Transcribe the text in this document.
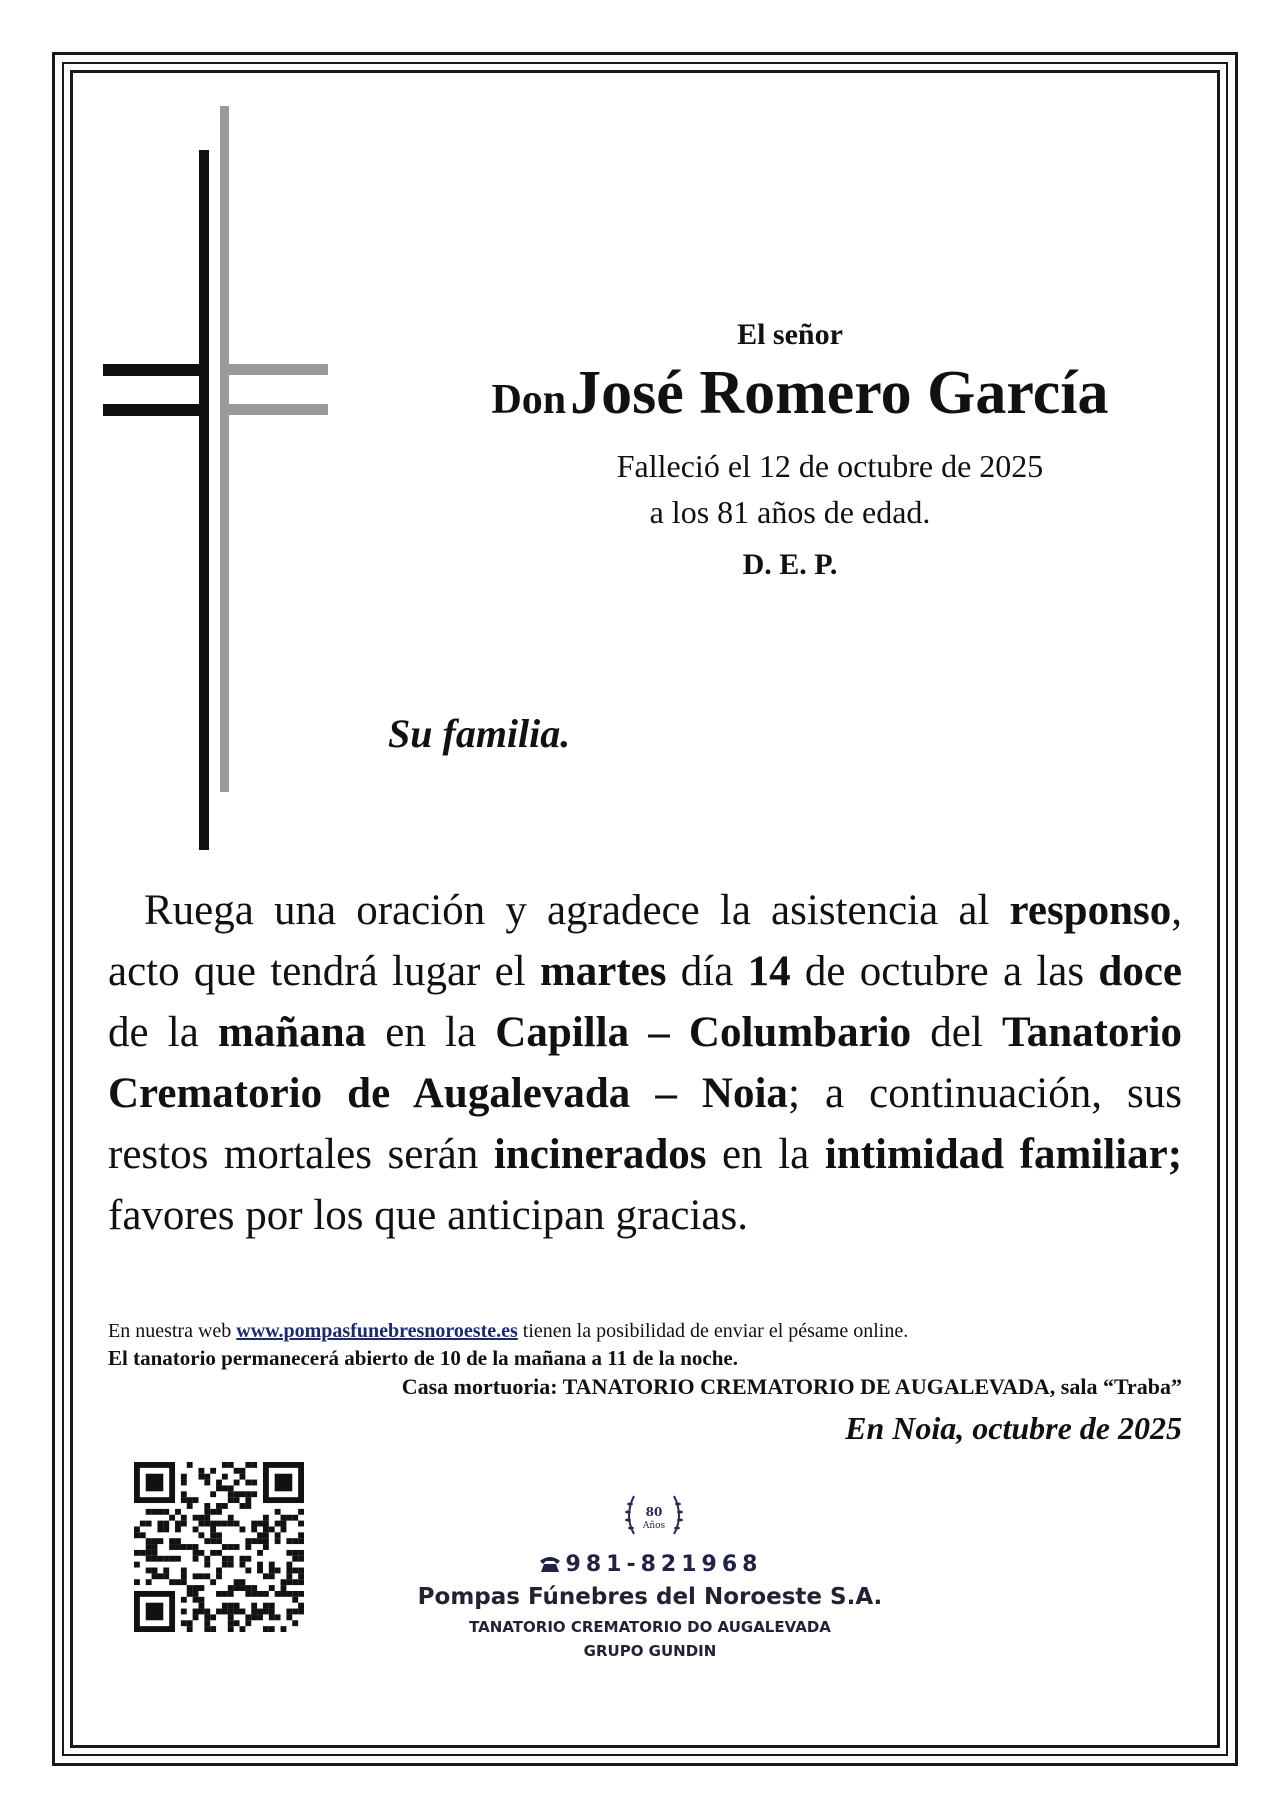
El señor
Don José Romero García
Falleció el 12 de octubre de 2025
a los 81 años de edad.
D. E. P.
Su familia.
Ruega una oración y agradece la asistencia al responso, acto que tendrá lugar el martes día 14 de octubre a las doce de la mañana en la Capilla – Columbario del Tanatorio Crematorio de Augalevada – Noia; a continuación, sus restos mortales serán incinerados en la intimidad familiar; favores por los que anticipan gracias.
En nuestra web www.pompasfunebresnoroeste.es tienen la posibilidad de enviar el pésame online.
El tanatorio permanecerá abierto de 10 de la mañana a 11 de la noche.
Casa mortuoria: TANATORIO CREMATORIO DE AUGALEVADA, sala “Traba”
En Noia, octubre de 2025
80
Años
981-821968
Pompas Fúnebres del Noroeste S.A.
TANATORIO CREMATORIO DO AUGALEVADA
GRUPO GUNDIN
